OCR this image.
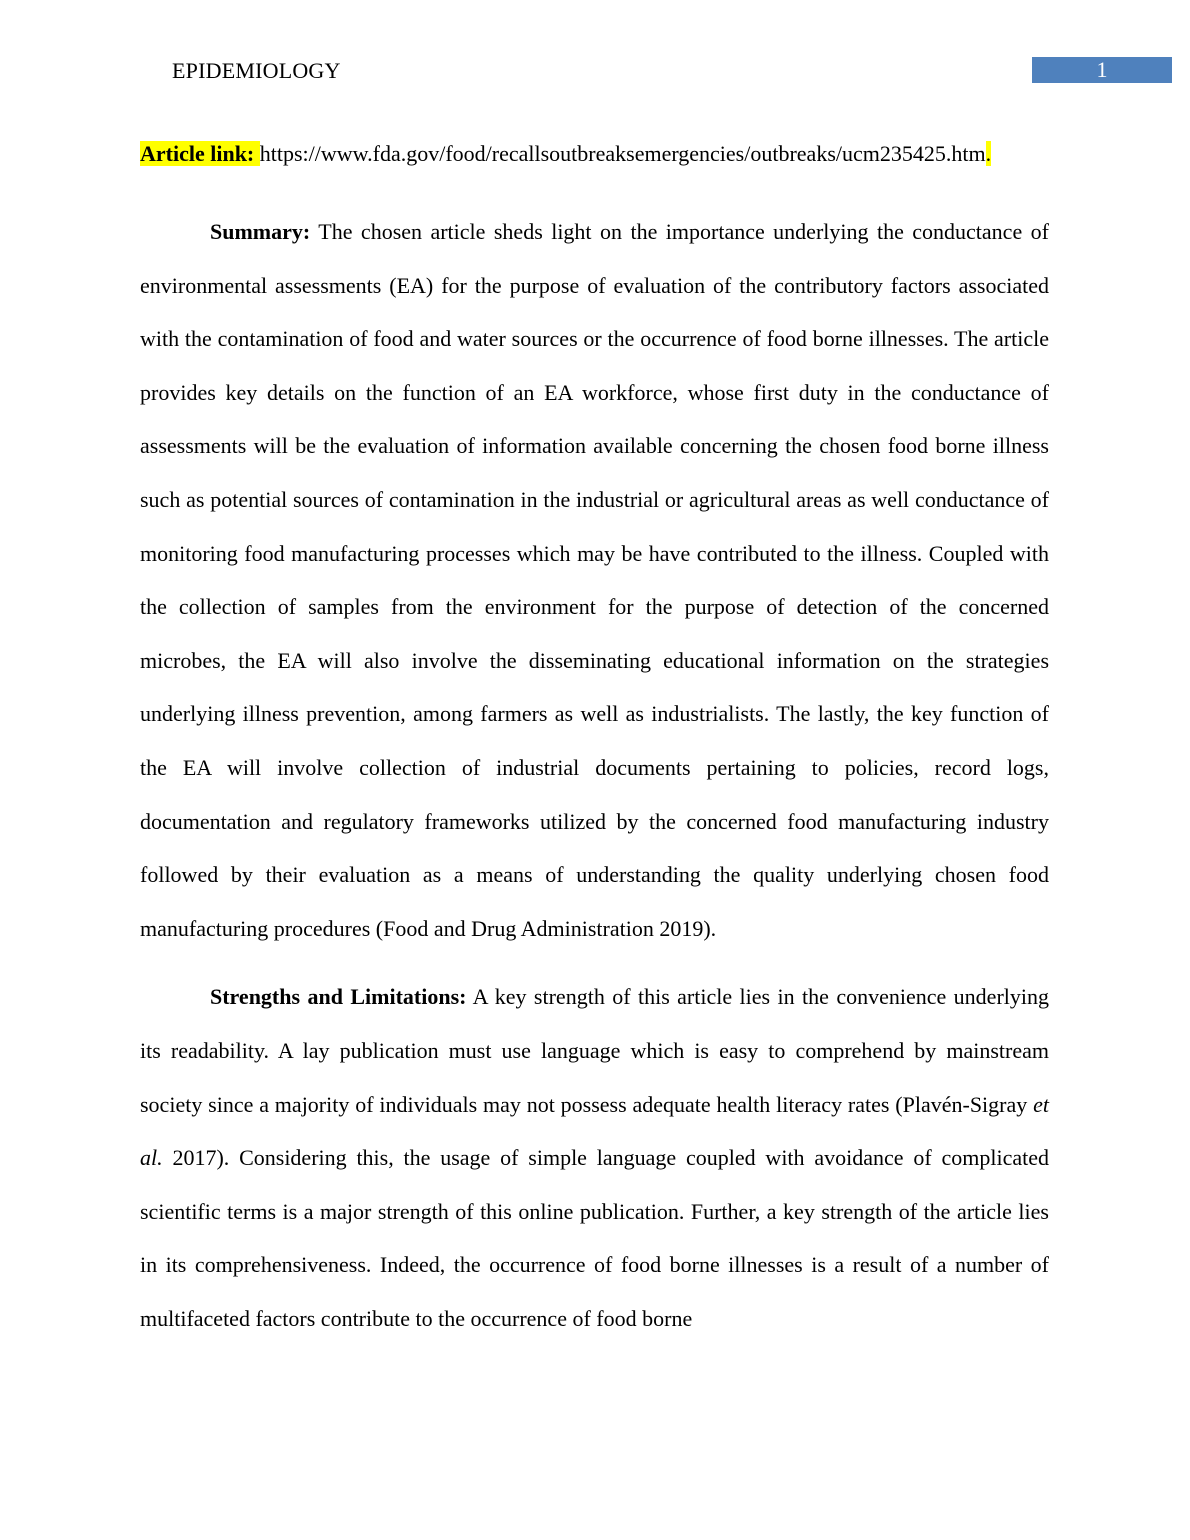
EPIDEMIOLOGY	1

Article link: https://www.fda.gov/food/recallsoutbreaksemergencies/outbreaks/ucm235425.htm.

Summary: The chosen article sheds light on the importance underlying the conductance of environmental assessments (EA) for the purpose of evaluation of the contributory factors associated with the contamination of food and water sources or the occurrence of food borne illnesses. The article provides key details on the function of an EA workforce, whose first duty in the conductance of assessments will be the evaluation of information available concerning the chosen food borne illness such as potential sources of contamination in the industrial or agricultural areas as well conductance of monitoring food manufacturing processes which may be have contributed to the illness. Coupled with the collection of samples from the environment for the purpose of detection of the concerned microbes, the EA will also involve the disseminating educational information on the strategies underlying illness prevention, among farmers as well as industrialists. The lastly, the key function of the EA will involve collection of industrial documents pertaining to policies, record logs, documentation and regulatory frameworks utilized by the concerned food manufacturing industry followed by their evaluation as a means of understanding the quality underlying chosen food manufacturing procedures (Food and Drug Administration 2019).

Strengths and Limitations: A key strength of this article lies in the convenience underlying its readability. A lay publication must use language which is easy to comprehend by mainstream society since a majority of individuals may not possess adequate health literacy rates (Plavén-Sigray et al. 2017). Considering this, the usage of simple language coupled with avoidance of complicated scientific terms is a major strength of this online publication. Further, a key strength of the article lies in its comprehensiveness. Indeed, the occurrence of food borne illnesses is a result of a number of multifaceted factors contribute to the occurrence of food borne
